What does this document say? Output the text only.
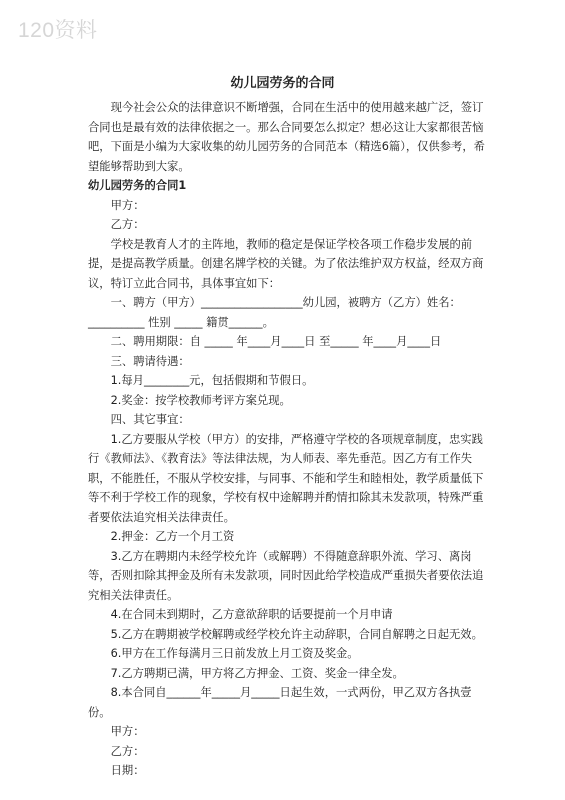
120资料
幼儿园劳务的合同

现今社会公众的法律意识不断增强，合同在生活中的使用越来越广泛，签订合同也是最有效的法律依据之一。那么合同要怎么拟定？想必这让大家都很苦恼吧，下面是小编为大家收集的幼儿园劳务的合同范本（精选6篇），仅供参考，希望能够帮助到大家。

幼儿园劳务的合同1

甲方：

乙方：

学校是教育人才的主阵地，教师的稳定是保证学校各项工作稳步发展的前提，是提高教学质量。创建名牌学校的关键。为了依法维护双方权益，经双方商议，特订立此合同书，具体事宜如下：

一、聘方（甲方）__________________幼儿园，被聘方（乙方）姓名：__________ 性别 _____ 籍贯______。

二、聘用期限：自 _____ 年____月____日 至_____ 年____月____日

三、聘请待遇：

1.每月________元，包括假期和节假日。

2.奖金：按学校教师考评方案兑现。

四、其它事宜：

1.乙方要服从学校（甲方）的安排，严格遵守学校的各项规章制度，忠实践行《教师法》、《教育法》等法律法规，为人师表、率先垂范。因乙方有工作失职，不能胜任，不服从学校安排，与同事、不能和学生和睦相处，教学质量低下等不利于学校工作的现象，学校有权中途解聘并酌情扣除其未发款项，特殊严重者要依法追究相关法律责任。

2.押金：乙方一个月工资

3.乙方在聘期内未经学校允许（或解聘）不得随意辞职外流、学习、离岗等，否则扣除其押金及所有未发款项，同时因此给学校造成严重损失者要依法追究相关法律责任。

4.在合同未到期时，乙方意欲辞职的话要提前一个月申请

5.乙方在聘期被学校解聘或经学校允许主动辞职，合同自解聘之日起无效。

6.甲方在工作每满月三日前发放上月工资及奖金。

7.乙方聘期已满，甲方将乙方押金、工资、奖金一律全发。

8.本合同自______年_____月_____日起生效，一式两份，甲乙双方各执壹份。

甲方：

乙方：

日期：
